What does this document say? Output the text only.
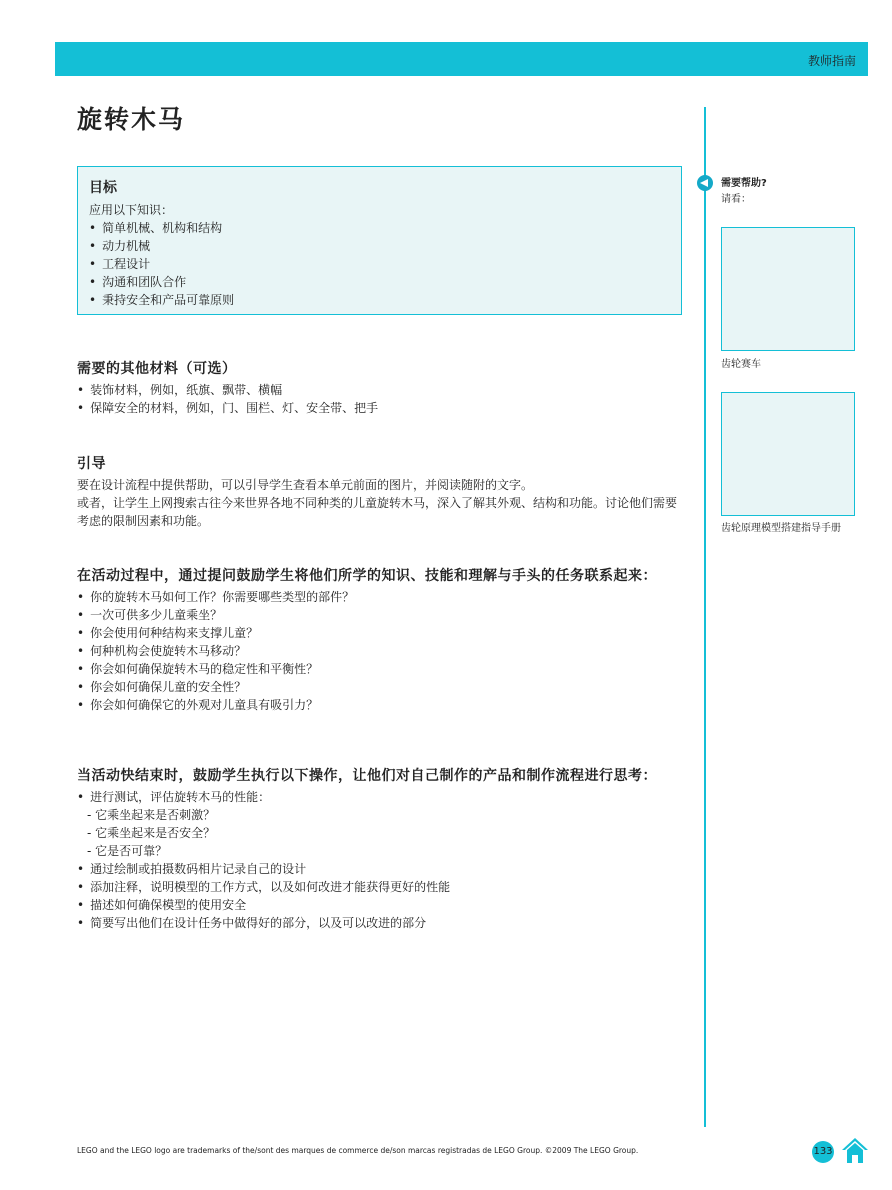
教师指南
旋转木马
目标
应用以下知识：
• 简单机械、机构和结构
• 动力机械
• 工程设计
• 沟通和团队合作
• 秉持安全和产品可靠原则
需要的其他材料（可选）
• 装饰材料，例如，纸旗、飘带、横幅
• 保障安全的材料，例如，门、围栏、灯、安全带、把手
引导
要在设计流程中提供帮助，可以引导学生查看本单元前面的图片，并阅读随附的文字。
或者，让学生上网搜索古往今来世界各地不同种类的儿童旋转木马，深入了解其外观、结构和功能。讨论他们需要考虑的限制因素和功能。
在活动过程中，通过提问鼓励学生将他们所学的知识、技能和理解与手头的任务联系起来：
• 你的旋转木马如何工作？你需要哪些类型的部件？
• 一次可供多少儿童乘坐？
• 你会使用何种结构来支撑儿童？
• 何种机构会使旋转木马移动？
• 你会如何确保旋转木马的稳定性和平衡性？
• 你会如何确保儿童的安全性？
• 你会如何确保它的外观对儿童具有吸引力？
当活动快结束时，鼓励学生执行以下操作，让他们对自己制作的产品和制作流程进行思考：
• 进行测试，评估旋转木马的性能：
- 它乘坐起来是否刺激？
- 它乘坐起来是否安全？
- 它是否可靠？
• 通过绘制或拍摄数码相片记录自己的设计
• 添加注释，说明模型的工作方式，以及如何改进才能获得更好的性能
• 描述如何确保模型的使用安全
• 简要写出他们在设计任务中做得好的部分，以及可以改进的部分
需要帮助?
请看：
齿轮赛车
齿轮原理模型搭建指导手册
LEGO and the LEGO logo are trademarks of the/sont des marques de commerce de/son marcas registradas de LEGO Group. ©2009 The LEGO Group.	133
